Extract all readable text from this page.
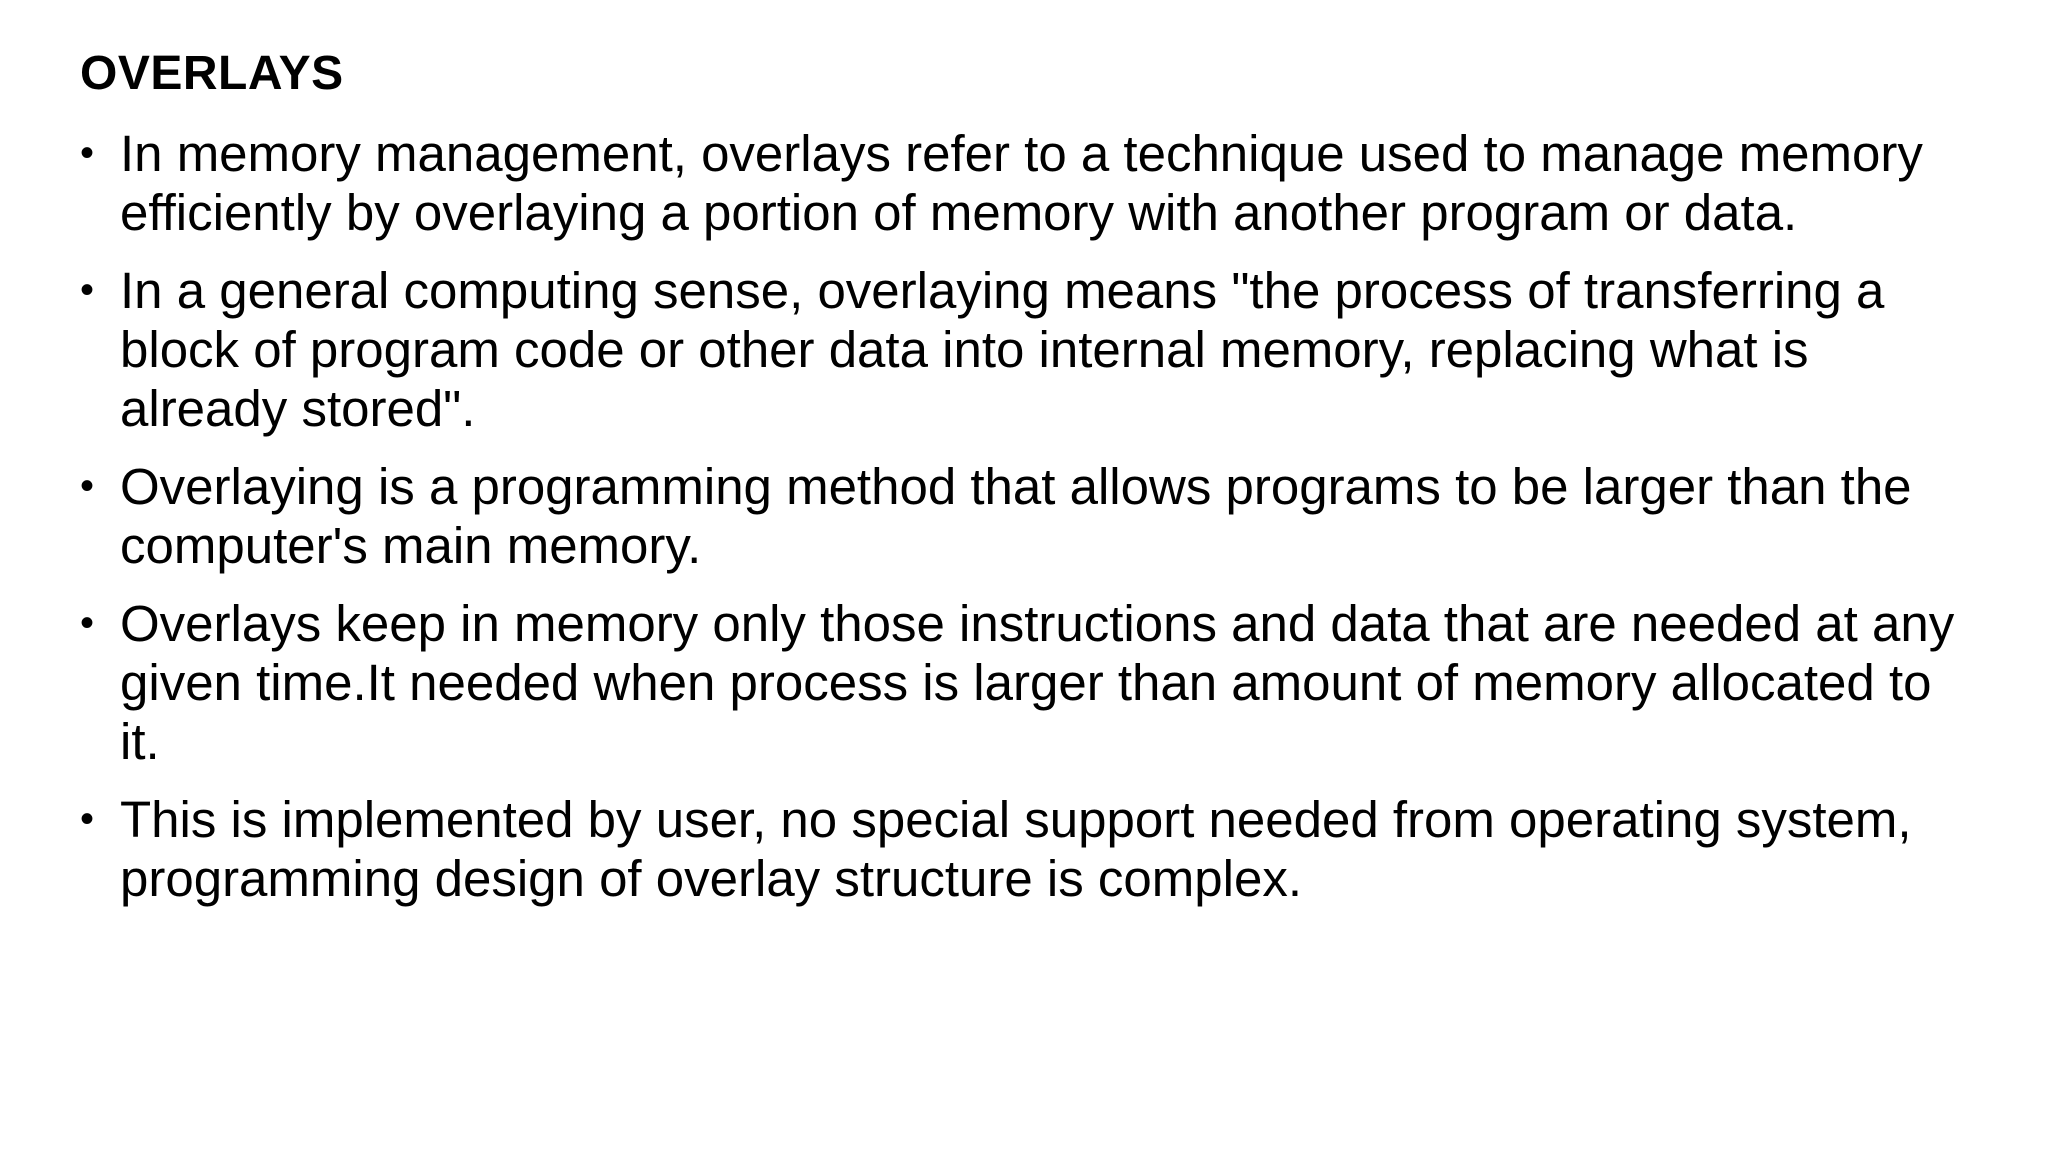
OVERLAYS
• In memory management, overlays refer to a technique used to manage memory efficiently by overlaying a portion of memory with another program or data.
• In a general computing sense, overlaying means "the process of transferring a block of program code or other data into internal memory, replacing what is already stored".
• Overlaying is a programming method that allows programs to be larger than the computer's main memory.
• Overlays keep in memory only those instructions and data that are needed at any given time.It needed when process is larger than amount of memory allocated to it.
• This is implemented by user, no special support needed from operating system, programming design of overlay structure is complex.
